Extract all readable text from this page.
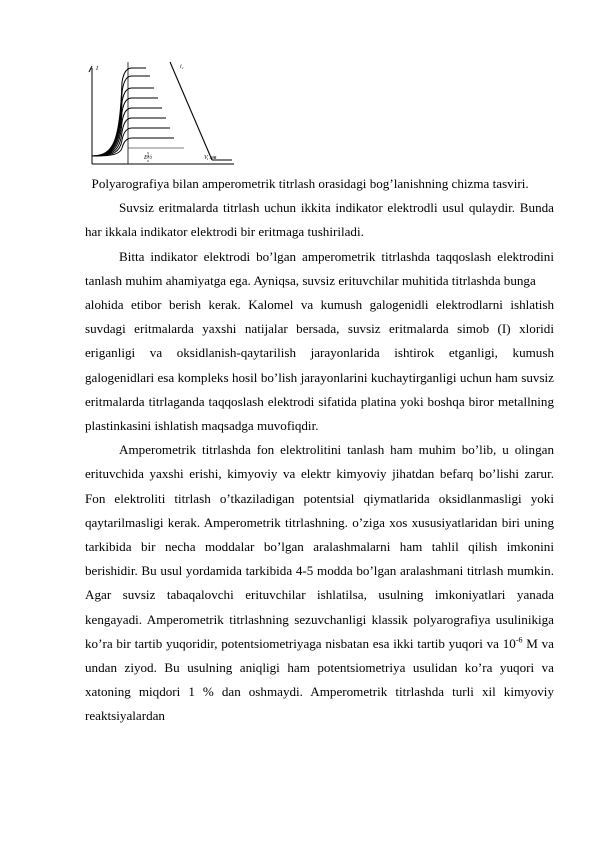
E½	V, мв
i₁
I

Polyarografiya bilan amperometrik titrlash orasidagi bog’lanishning chizma tasviri.

Suvsiz eritmalarda titrlash uchun ikkita indikator elektrodli usul qulaydir. Bunda har ikkala indikator elektrodi bir eritmaga tushiriladi.

Bitta indikator elektrodi bo’lgan amperometrik titrlashda taqqoslash elektrodini tanlash muhim ahamiyatga ega. Ayniqsa, suvsiz erituvchilar muhitida titrlashda bunga

alohida etibor berish kerak. Kalomel va kumush galogenidli elektrodlarni ishlatish suvdagi eritmalarda yaxshi natijalar bersada, suvsiz eritmalarda simob (I) xloridi eriganligi va oksidlanish-qaytarilish jarayonlarida ishtirok etganligi, kumush galogenidlari esa kompleks hosil bo’lish jarayonlarini kuchaytirganligi uchun ham suvsiz eritmalarda titrlaganda taqqoslash elektrodi sifatida platina yoki boshqa biror metallning plastinkasini ishlatish maqsadga muvofiqdir.

Amperometrik titrlashda fon elektrolitini tanlash ham muhim bo’lib, u olingan erituvchida yaxshi erishi, kimyoviy va elektr kimyoviy jihatdan befarq bo’lishi zarur. Fon elektroliti titrlash o’tkaziladigan potentsial qiymatlarida oksidlanmasligi yoki qaytarilmasligi kerak. Amperometrik titrlashning. o’ziga xos xususiyatlaridan biri uning tarkibida bir necha moddalar bo’lgan aralashmalarni ham tahlil qilish imkonini berishidir. Bu usul yordamida tarkibida 4-5 modda bo’lgan aralashmani titrlash mumkin. Agar suvsiz tabaqalovchi erituvchilar ishlatilsa, usulning imkoniyatlari yanada kengayadi. Amperometrik titrlashning sezuvchanligi klassik polyarografiya usulinikiga ko’ra bir tartib yuqoridir, potentsiometriyaga nisbatan esa ikki tartib yuqori va $10^{-6}$ M va undan ziyod. Bu usulning aniqligi ham potentsiometriya usulidan ko’ra yuqori va xatoning miqdori 1 % dan oshmaydi. Amperometrik titrlashda turli xil kimyoviy reaktsiyalardan
